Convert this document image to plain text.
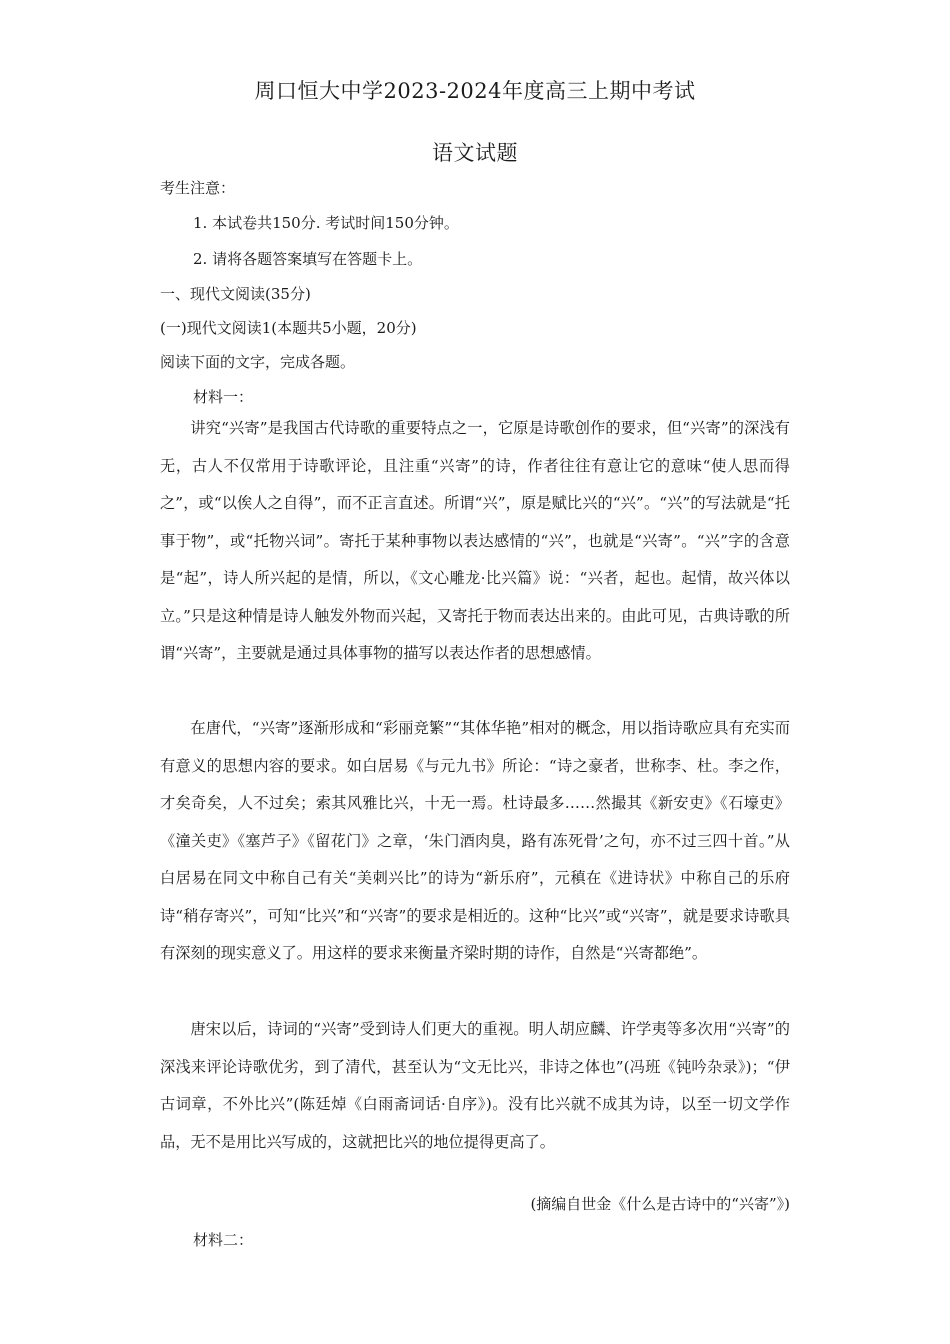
周口恒大中学2023-2024年度高三上期中考试
语文试题
考生注意：
1. 本试卷共150分. 考试时间150分钟。
2. 请将各题答案填写在答题卡上。
一、现代文阅读(35分)
(一)现代文阅读1(本题共5小题，20分)
阅读下面的文字，完成各题。
材料一：

讲究“兴寄”是我国古代诗歌的重要特点之一，它原是诗歌创作的要求，但“兴寄”的深浅有无，古人不仅常用于诗歌评论，且注重“兴寄”的诗，作者往往有意让它的意味“使人思而得之”，或“以俟人之自得”，而不正言直述。所谓“兴”，原是赋比兴的“兴”。“兴”的写法就是“托事于物”，或“托物兴词”。寄托于某种事物以表达感情的“兴”，也就是“兴寄”。“兴”字的含意是“起”，诗人所兴起的是情，所以，《文心雕龙·比兴篇》说：“兴者，起也。起情，故兴体以立。”只是这种情是诗人触发外物而兴起，又寄托于物而表达出来的。由此可见，古典诗歌的所谓“兴寄”，主要就是通过具体事物的描写以表达作者的思想感情。

在唐代，“兴寄”逐渐形成和“彩丽竞繁”“其体华艳”相对的概念，用以指诗歌应具有充实而有意义的思想内容的要求。如白居易《与元九书》所论：“诗之豪者，世称李、杜。李之作，才矣奇矣，人不过矣；索其风雅比兴，十无一焉。杜诗最多……然撮其《新安吏》《石壕吏》《潼关吏》《塞芦子》《留花门》之章，‘朱门酒肉臭，路有冻死骨’之句，亦不过三四十首。”从白居易在同文中称自己有关“美刺兴比”的诗为“新乐府”，元稹在《进诗状》中称自己的乐府诗“稍存寄兴”，可知“比兴”和“兴寄”的要求是相近的。这种“比兴”或“兴寄”，就是要求诗歌具有深刻的现实意义了。用这样的要求来衡量齐梁时期的诗作，自然是“兴寄都绝”。

唐宋以后，诗词的“兴寄”受到诗人们更大的重视。明人胡应麟、许学夷等多次用“兴寄”的深浅来评论诗歌优劣，到了清代，甚至认为“文无比兴，非诗之体也”(冯班《钝吟杂录》)；“伊古词章，不外比兴”(陈廷焯《白雨斋词话·自序》)。没有比兴就不成其为诗，以至一切文学作品，无不是用比兴写成的，这就把比兴的地位提得更高了。

(摘编自世金《什么是古诗中的“兴寄”》)
材料二：
